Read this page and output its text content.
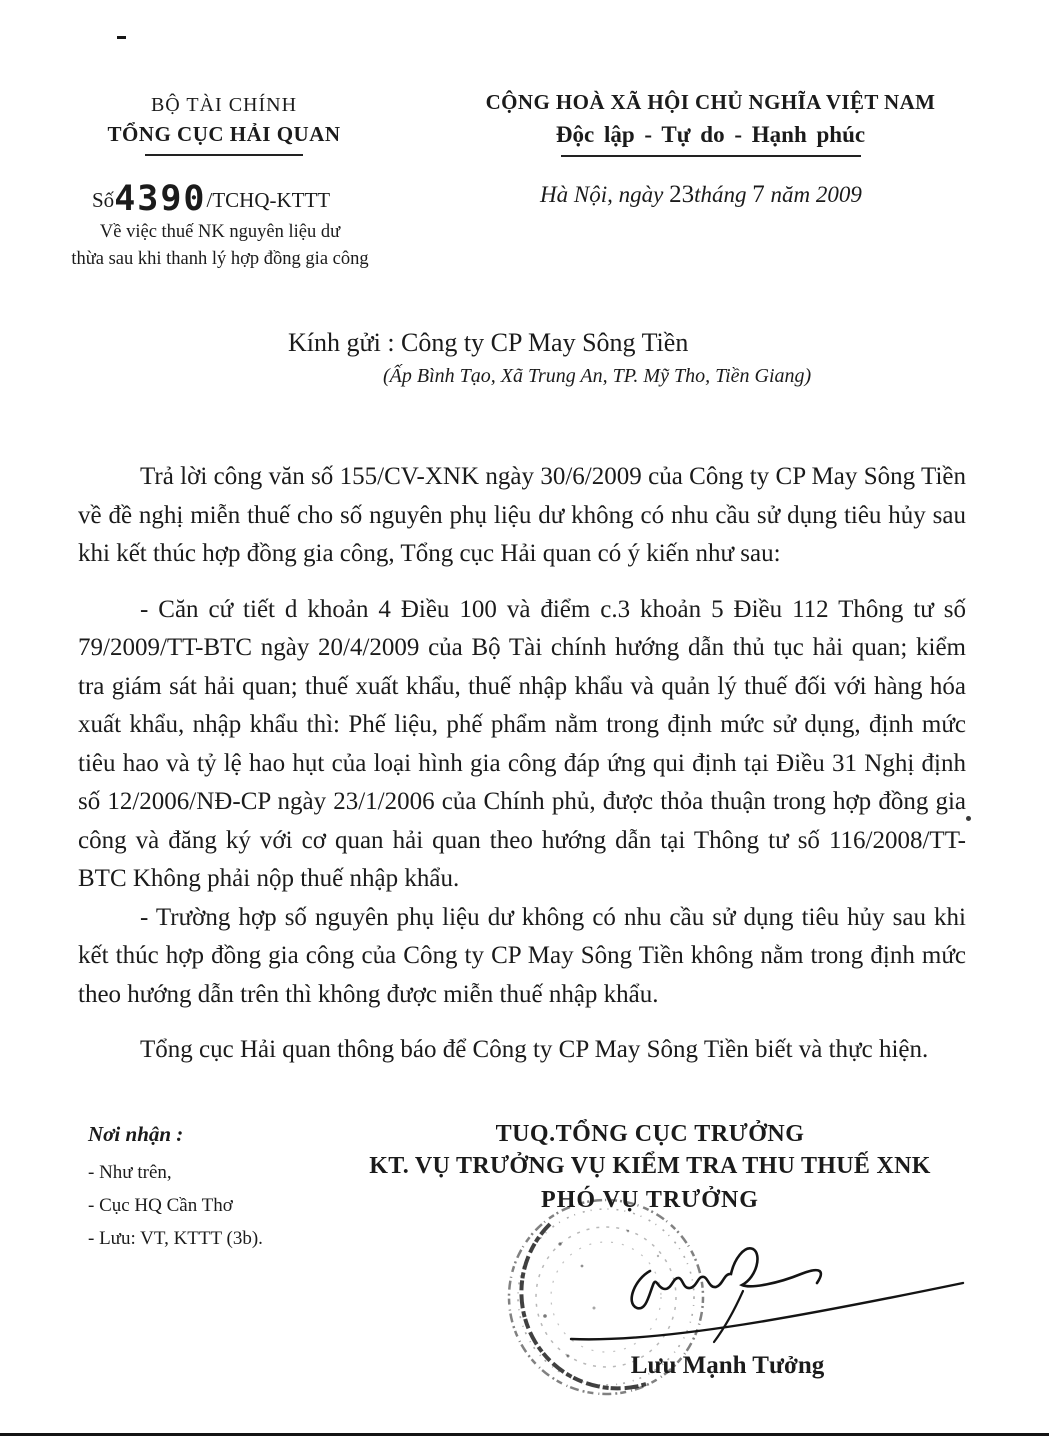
BỘ TÀI CHÍNH
TỔNG CỤC HẢI QUAN
CỘNG HOÀ XÃ HỘI CHỦ NGHĨA VIỆT NAM
Độc lập - Tự do - Hạnh phúc
Số4390/TCHQ-KTTT
Về việc thuế NK nguyên liệu dư
thừa sau khi thanh lý hợp đồng gia công
Hà Nội, ngày 23tháng 7 năm 2009
Kính gửi : Công ty CP May Sông Tiền
(Ấp Bình Tạo, Xã Trung An, TP. Mỹ Tho, Tiền Giang)

Trả lời công văn số 155/CV-XNK ngày 30/6/2009 của Công ty CP May Sông Tiền về đề nghị miễn thuế cho số nguyên phụ liệu dư không có nhu cầu sử dụng tiêu hủy sau khi kết thúc hợp đồng gia công, Tổng cục Hải quan có ý kiến như sau:

- Căn cứ tiết d khoản 4 Điều 100 và điểm c.3 khoản 5 Điều 112 Thông tư số 79/2009/TT-BTC ngày 20/4/2009 của Bộ Tài chính hướng dẫn thủ tục hải quan; kiểm tra giám sát hải quan; thuế xuất khẩu, thuế nhập khẩu và quản lý thuế đối với hàng hóa xuất khẩu, nhập khẩu thì: Phế liệu, phế phẩm nằm trong định mức sử dụng, định mức tiêu hao và tỷ lệ hao hụt của loại hình gia công đáp ứng qui định tại Điều 31 Nghị định số 12/2006/NĐ-CP ngày 23/1/2006 của Chính phủ, được thỏa thuận trong hợp đồng gia công và đăng ký với cơ quan hải quan theo hướng dẫn tại Thông tư số 116/2008/TT-BTC Không phải nộp thuế nhập khẩu.

- Trường hợp số nguyên phụ liệu dư không có nhu cầu sử dụng tiêu hủy sau khi kết thúc hợp đồng gia công của Công ty CP May Sông Tiền không nằm trong định mức theo hướng dẫn trên thì không được miễn thuế nhập khẩu.

Tổng cục Hải quan thông báo để Công ty CP May Sông Tiền biết và thực hiện.

Nơi nhận :
- Như trên,
- Cục HQ Cần Thơ
- Lưu: VT, KTTT (3b).
TUQ.TỔNG CỤC TRƯỞNG
KT. VỤ TRƯỞNG VỤ KIỂM TRA THU THUẾ XNK
PHÓ VỤ TRƯỞNG
Lưu Mạnh Tưởng
